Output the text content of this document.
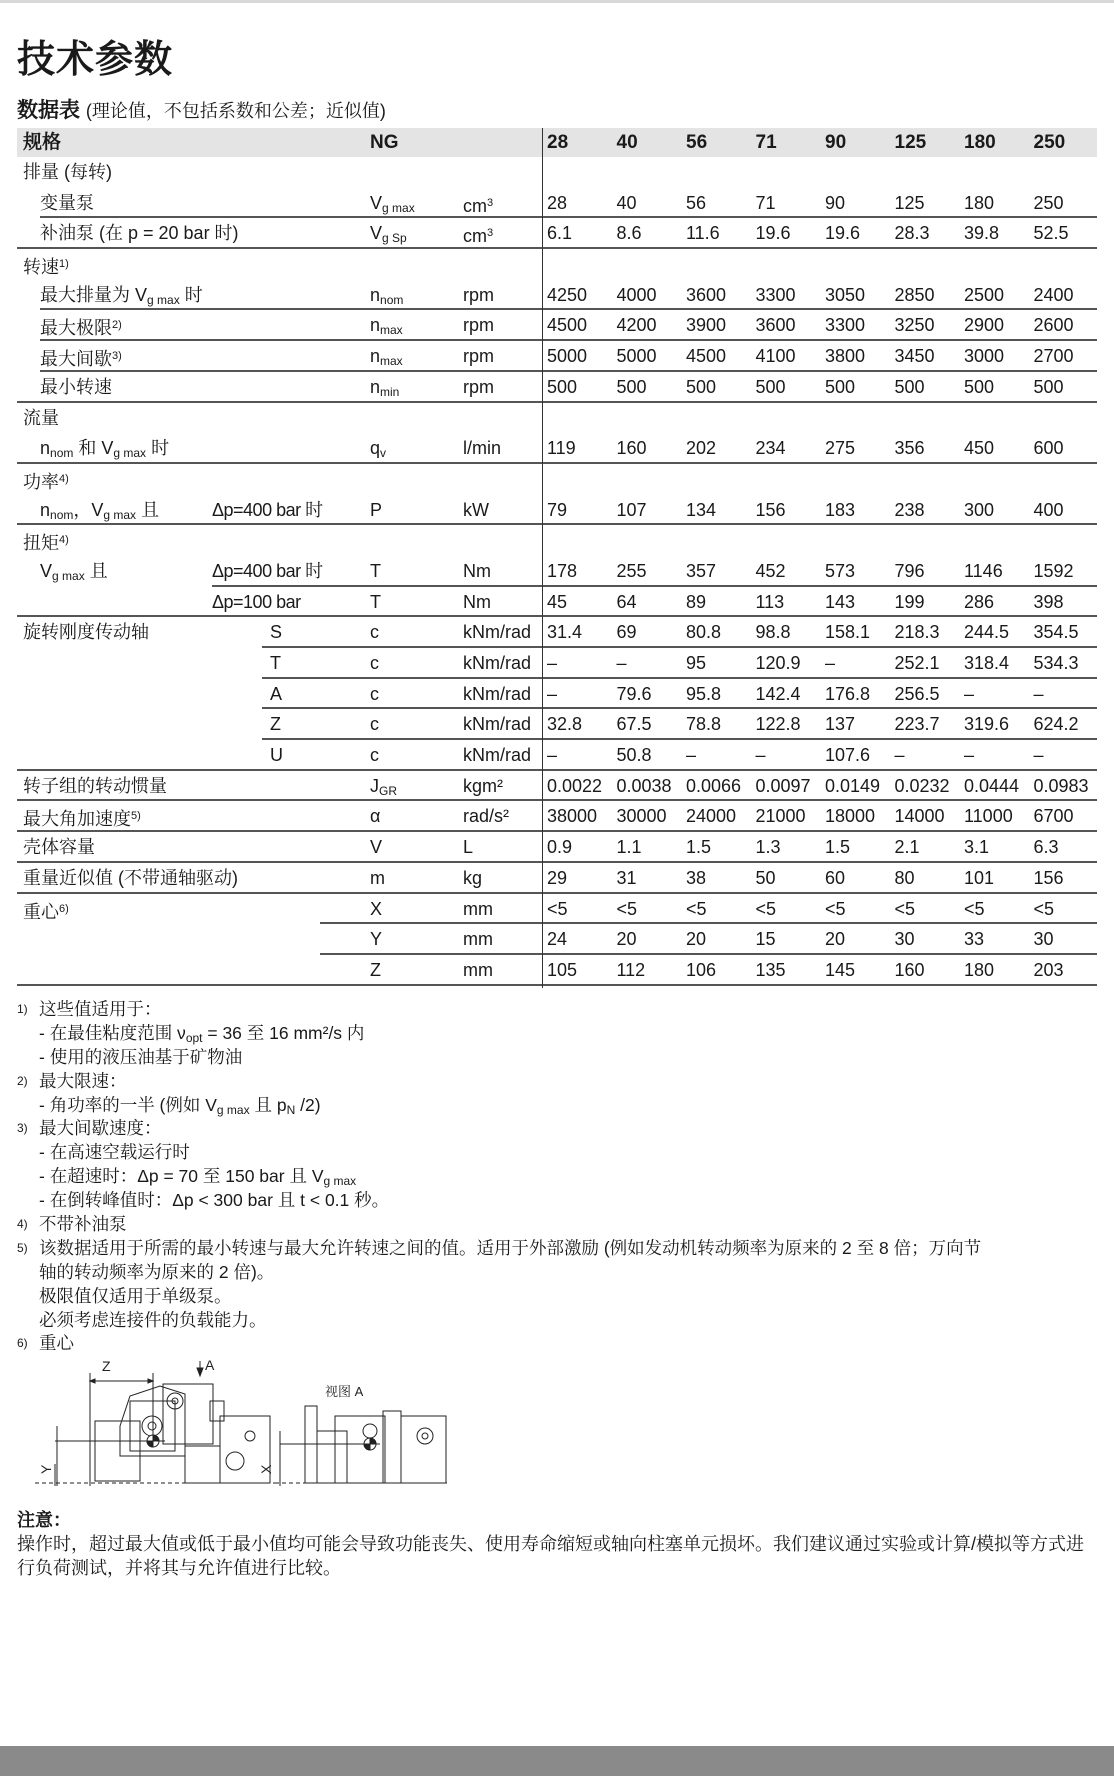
技术参数
数据表 (理论值，不包括系数和公差；近似值)
规格	NG	28	40	56	71	90	125 180 250
排量 (每转)
变量泵	$V_{g max}$	$cm^3$	28	40	56	71	90	125 180 250
补油泵 (在 p = 20 bar 时)	$V_{g Sp}$	$cm^3$	6.1 8.6 11.6 19.6 19.6 28.3 39.8 52.5
转速$^{1)}$
最大排量为 $V_{g max}$ 时	$n_{nom}$	rpm	4250 4000 3600 3300 3050 2850 2500 2400
最大极限$^{2)}$	$n_{max}$	rpm	4500 4200 3900 3600 3300 3250 2900 2600
最大间歇$^{3)}$	$n_{max}$	rpm	5000 5000 4500 4100 3800 3450 3000 2700
最小转速	$n_{min}$	rpm	500 500 500 500 500 500 500 500
流量
$n_{nom}$ 和 $V_{g max}$ 时	$q_v$	l/min	119 160 202 234 275 356 450 600
功率$^{4)}$
$n_{nom}$，$V_{g max}$ 且	Δp=400 bar 时	P	kW	79	107 134 156 183 238 300 400
扭矩$^{4)}$
$V_{g max}$ 且	Δp=400 bar 时	T	Nm	178 255 357 452 573 796 1146 1592
Δp=100 bar	T	Nm	45	64	89	113 143 199 286 398
旋转刚度传动轴	S	c	kNm/rad 31.4 69	80.8 98.8 158.1 218.3 244.5 354.5
T	c	kNm/rad –	–	95	120.9 –	252.1 318.4 534.3
A	c	kNm/rad –	79.6 95.8 142.4 176.8 256.5 –	–
Z	c	kNm/rad 32.8 67.5 78.8 122.8 137 223.7 319.6 624.2
U	c	kNm/rad –	50.8 –	–	107.6 –	–	–
转子组的转动惯量	$J_{GR}$	kgm² 0.0022 0.0038 0.0066 0.0097 0.0149 0.0232 0.0444 0.0983
最大角加速度$^{5)}$	α	rad/s² 38000 30000 24000 21000 18000 14000 11000 6700
壳体容量	V	L	0.9 1.1 1.5 1.3 1.5 2.1 3.1 6.3
重量近似值 (不带通轴驱动)	m	kg	29	31	38	50	60	80	101 156
重心$^{6)}$	X	mm	<5	<5	<5	<5	<5	<5	<5	<5
Y	mm	24	20	20	15	20	30	33	30
Z	mm	105 112 106 135 145 160 180 203
1) 这些值适用于：
- 在最佳粘度范围 $\nu_{opt} = 36$ 至 16 mm²/s 内
- 使用的液压油基于矿物油
2) 最大限速：
- 角功率的一半 (例如 $V_{g max}$ 且 $p_N$ /2)
3) 最大间歇速度：
- 在高速空载运行时
- 在超速时：Δp = 70 至 150 bar 且 $V_{g max}$
- 在倒转峰值时：Δp < 300 bar 且 t < 0.1 秒。
4) 不带补油泵
5) 该数据适用于所需的最小转速与最大允许转速之间的值。适用于外部激励 (例如发动机转动频率为原来的 2 至 8 倍；万向节
轴的转动频率为原来的 2 倍)。
极限值仅适用于单级泵。
必须考虑连接件的负载能力。
6) 重心
Z	A
Y
视图 A
X
注意：
操作时，超过最大值或低于最小值均可能会导致功能丧失、使用寿命缩短或轴向柱塞单元损坏。我们建议通过实验或计算/模拟等方式进行负荷测试，并将其与允许值进行比较。
